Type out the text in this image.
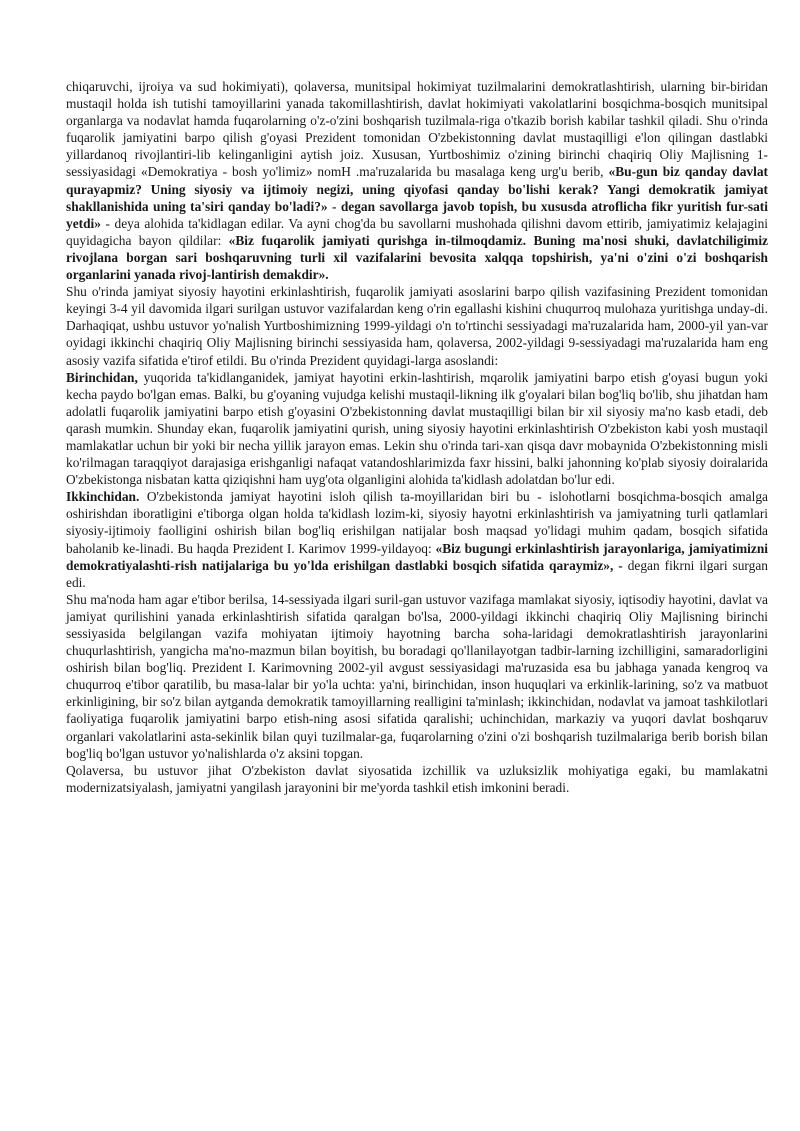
chiqaruvchi, ijroiya va sud hokimiyati), qolaversa, munitsipal hokimiyat tuzilmalarini demokratlashtirish, ularning bir-biridan mustaqil holda ish tutishi tamoyillarini yanada takomillashtirish, davlat hokimiyati vakolatlarini bosqichma-bosqich munitsipal organlarga va nodavlat hamda fuqarolarning o'z-o'zini boshqarish tuzilmala-riga o'tkazib borish kabilar tashkil qiladi. Shu o'rinda fuqarolik jamiyatini barpo qilish g'oyasi Prezident tomonidan O'zbekistonning davlat mustaqilligi e'lon qilingan dastlabki yillardanoq rivojlantiri-lib kelinganligini aytish joiz. Xususan, Yurtboshimiz o'zining birinchi chaqiriq Oliy Majlisning 1-sessiyasidagi «Demokratiya - bosh yo'limiz» nomH .ma'ruzalarida bu masalaga keng urg'u berib, «Bu-gun biz qanday davlat qurayapmiz? Uning siyosiy va ijtimoiy negizi, uning qiyofasi qanday bo'lishi kerak? Yangi demokratik jamiyat shakllanishida uning ta'siri qanday bo'ladi?» - degan savollarga javob topish, bu xususda atroflicha fikr yuritish fur-sati yetdi» - deya alohida ta'kidlagan edilar. Va ayni chog'da bu savollarni mushohada qilishni davom ettirib, jamiyatimiz kelajagini quyidagicha bayon qildilar: «Biz fuqarolik jamiyati qurishga in-tilmoqdamiz. Buning ma'nosi shuki, davlatchiligimiz rivojlana borgan sari boshqaruvning turli xil vazifalarini bevosita xalqqa topshirish, ya'ni o'zini o'zi boshqarish organlarini yanada rivoj-lantirish demakdir».

Shu o'rinda jamiyat siyosiy hayotini erkinlashtirish, fuqarolik jamiyati asoslarini barpo qilish vazifasining Prezident tomonidan keyingi 3-4 yil davomida ilgari surilgan ustuvor vazifalardan keng o'rin egallashi kishini chuqurroq mulohaza yuritishga unday-di. Darhaqiqat, ushbu ustuvor yo'nalish Yurtboshimizning 1999-yildagi o'n to'rtinchi sessiyadagi ma'ruzalarida ham, 2000-yil yan-var oyidagi ikkinchi chaqiriq Oliy Majlisning birinchi sessiyasida ham, qolaversa, 2002-yildagi 9-sessiyadagi ma'ruzalarida ham eng asosiy vazifa sifatida e'tirof etildi. Bu o'rinda Prezident quyidagi-larga asoslandi:

Birinchidan, yuqorida ta'kidlanganidek, jamiyat hayotini erkin-lashtirish, mqarolik jamiyatini barpo etish g'oyasi bugun yoki kecha paydo bo'lgan emas. Balki, bu g'oyaning vujudga kelishi mustaqil-likning ilk g'oyalari bilan bog'liq bo'lib, shu jihatdan ham adolatli fuqarolik jamiyatini barpo etish g'oyasini O'zbekistonning davlat mustaqilligi bilan bir xil siyosiy ma'no kasb etadi, deb qarash mumkin. Shunday ekan, fuqarolik jamiyatini qurish, uning siyosiy hayotini erkinlashtirish O'zbekiston kabi yosh mustaqil mamlakatlar uchun bir yoki bir necha yillik jarayon emas. Lekin shu o'rinda tari-xan qisqa davr mobaynida O'zbekistonning misli ko'rilmagan taraqqiyot darajasiga erishganligi nafaqat vatandoshlarimizda faxr hissini, balki jahonning ko'plab siyosiy doiralarida O'zbekistonga nisbatan katta qiziqishni ham uyg'ota olganligini alohida ta'kidlash adolatdan bo'lur edi.

Ikkinchidan. O'zbekistonda jamiyat hayotini isloh qilish ta-moyillaridan biri bu - islohotlarni bosqichma-bosqich amalga oshirishdan iboratligini e'tiborga olgan holda ta'kidlash lozim-ki, siyosiy hayotni erkinlashtirish va jamiyatning turli qatlamlari siyosiy-ijtimoiy faolligini oshirish bilan bog'liq erishilgan natijalar bosh maqsad yo'lidagi muhim qadam, bosqich sifatida baholanib ke-linadi. Bu haqda Prezident I. Karimov 1999-yildayoq: «Biz bugungi erkinlashtirish jarayonlariga, jamiyatimizni demokratiyalashti-rish natijalariga bu yo'lda erishilgan dastlabki bosqich sifatida qaraymiz», - degan fikrni ilgari surgan edi.

Shu ma'noda ham agar e'tibor berilsa, 14-sessiyada ilgari suril-gan ustuvor vazifaga mamlakat siyosiy, iqtisodiy hayotini, davlat va jamiyat qurilishini yanada erkinlashtirish sifatida qaralgan bo'lsa, 2000-yildagi ikkinchi chaqiriq Oliy Majlisning birinchi sessiyasida belgilangan vazifa mohiyatan ijtimoiy hayotning barcha soha-laridagi demokratlashtirish jarayonlarini chuqurlashtirish, yangicha ma'no-mazmun bilan boyitish, bu boradagi qo'llanilayotgan tadbir-larning izchilligini, samaradorligini oshirish bilan bog'liq. Prezident I. Karimovning 2002-yil avgust sessiyasidagi ma'ruzasida esa bu jabhaga yanada kengroq va chuqurroq e'tibor qaratilib, bu masa-lalar bir yo'la uchta: ya'ni, birinchidan, inson huquqlari va erkinlik-larining, so'z va matbuot erkinligining, bir so'z bilan aytganda demokratik tamoyillarning realligini ta'minlash; ikkinchidan, nodavlat va jamoat tashkilotlari faoliyatiga fuqarolik jamiyatini barpo etish-ning asosi sifatida qaralishi; uchinchidan, markaziy va yuqori davlat boshqaruv organlari vakolatlarini asta-sekinlik bilan quyi tuzilmalar-ga, fuqarolarning o'zini o'zi boshqarish tuzilmalariga berib borish bilan bog'liq bo'lgan ustuvor yo'nalishlarda o'z aksini topgan.

Qolaversa, bu ustuvor jihat O'zbekiston davlat siyosatida izchillik va uzluksizlik mohiyatiga egaki, bu mamlakatni modernizatsiyalash, jamiyatni yangilash jarayonini bir me'yorda tashkil etish imkonini beradi.
